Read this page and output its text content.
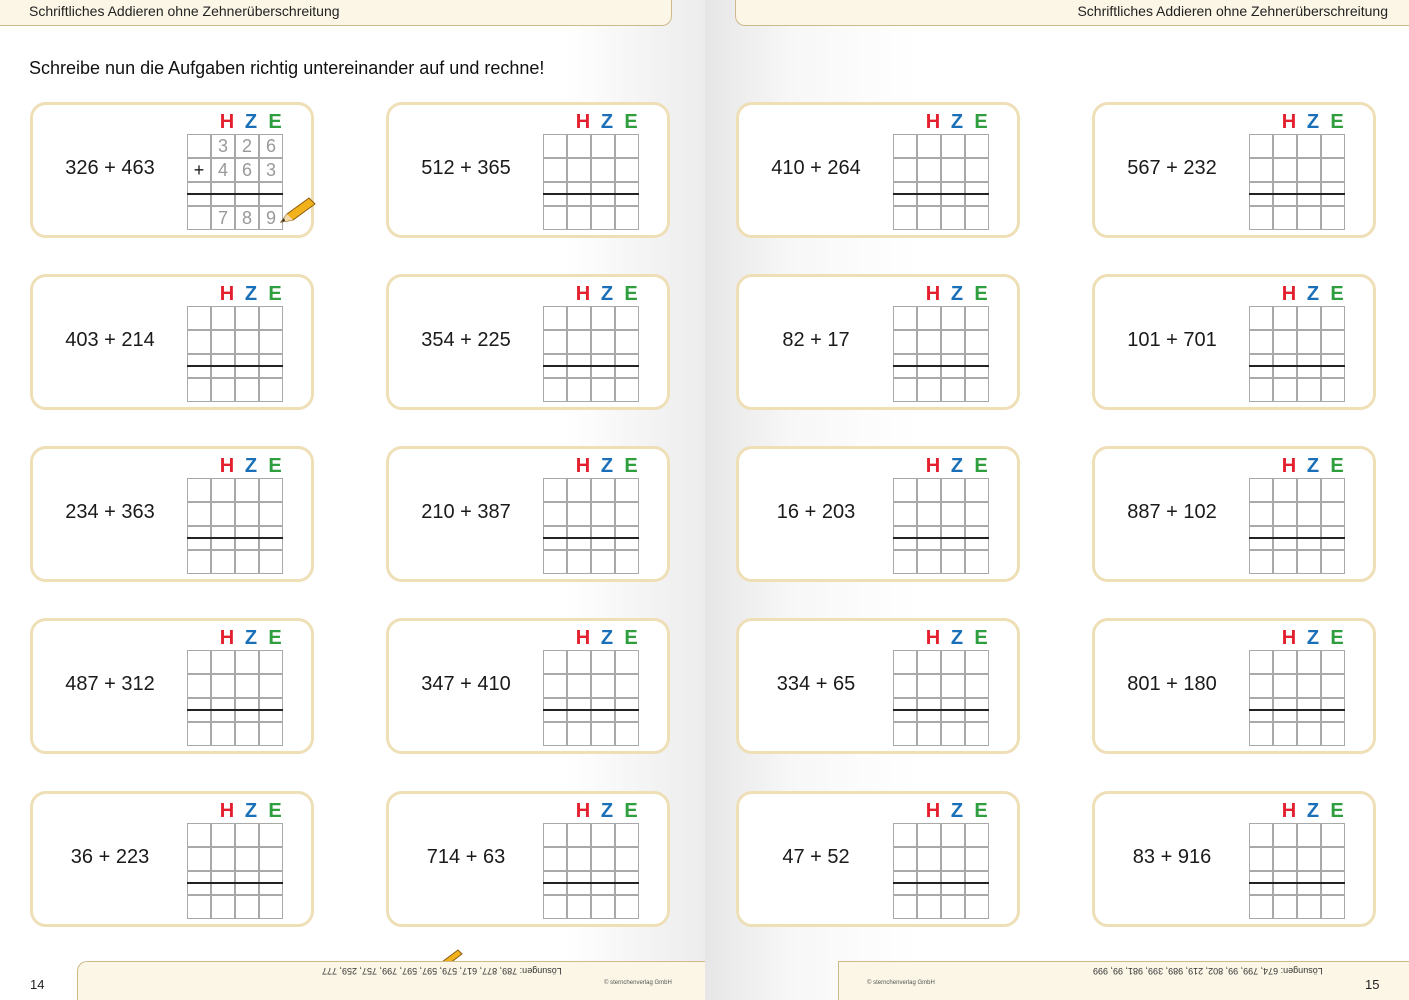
Schriftliches Addieren ohne Zehnerüberschreitung
Schreibe nun die Aufgaben richtig untereinander auf und rechne!
326 + 463
H Z E
3 2 6
+ 4 6 3
7 8 9
512 + 365
H Z E
403 + 214
H Z E
354 + 225
H Z E
234 + 363
H Z E
210 + 387
H Z E
487 + 312
H Z E
347 + 410
H Z E
36 + 223
H Z E
714 + 63
H Z E
Lösungen: 789, 877, 617, 579, 597, 597, 799, 757, 259, 777
© sternchenverlag GmbH
14
Schriftliches Addieren ohne Zehnerüberschreitung
410 + 264
H Z E
567 + 232
H Z E
82 + 17
H Z E
101 + 701
H Z E
16 + 203
H Z E
887 + 102
H Z E
334 + 65
H Z E
801 + 180
H Z E
47 + 52
H Z E
83 + 916
H Z E
Lösungen: 674, 799, 99, 802, 219, 989, 399, 981, 99, 999
© sternchenverlag GmbH	15
